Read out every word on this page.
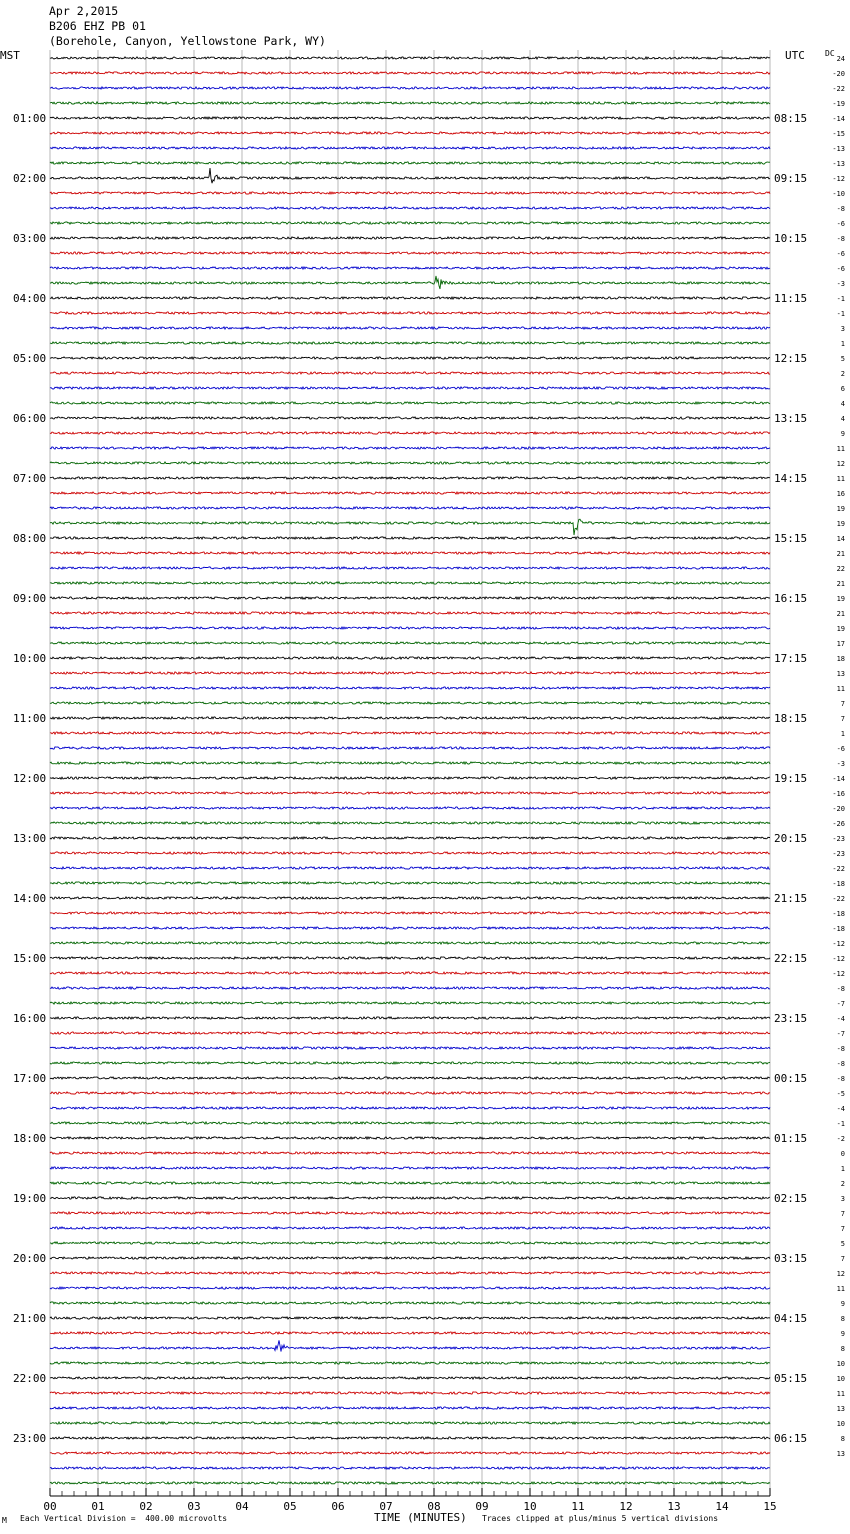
01:00
02:00
03:00
04:00
05:00
06:00
07:00
08:00
09:00
10:00
11:00
12:00
13:00
14:00
15:00
16:00
17:00
18:00
19:00
20:00
21:00
22:00
23:00
08:15
09:15
10:15
11:15
12:15
13:15
14:15
15:15
16:15
17:15
18:15
19:15
20:15
21:15
22:15
23:15
00:15
01:15
02:15
03:15
04:15
05:15
06:15
24
-20
-22
-19
-14
-15
-13
-13
-12
-10
-8
-6
-8
-6
-6
-3
-1
-1
3
1
5
2
6
4
4
9
11
12
11
16
19
19
14
21
22
21
19
21
19
17
18
13
11
7
7
1
-6
-3
-14
-16
-20
-26
-23
-23
-22
-18
-22
-18
-18
-12
-12
-12
-8
-7
-4
-7
-8
-8
-8
-5
-4
-1
-2
0
1
2
3
7
7
5
7
12
11
9
8
9
8
10
10
11
13
10
8
13
00	01	02	03	04	05	06	07	08	09	10	11	12	13	14	15
Apr 2,2015
B206 EHZ PB 01
(Borehole, Canyon, Yellowstone Park, WY)
MST	UTC	DC
M Each Vertical Division =  400.00 microvolts	TIME (MINUTES) Traces clipped at plus/minus 5 vertical divisions
